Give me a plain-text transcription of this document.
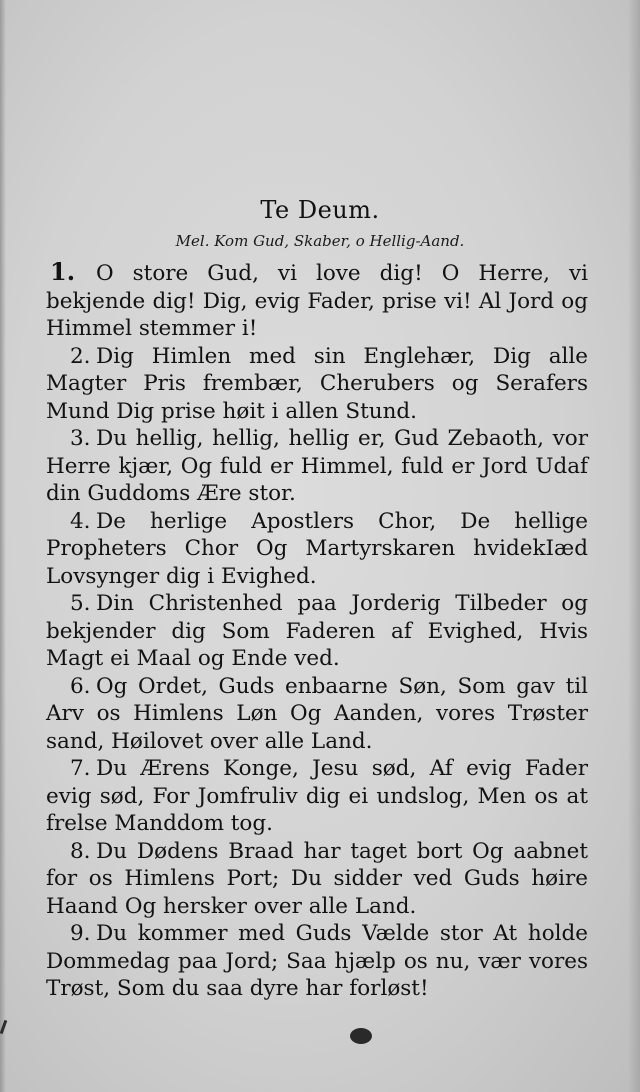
Te Deum.
Mel. Kom Gud, Skaber, o Hellig-Aand.

1. O store Gud, vi love dig! O Herre, vi bekjende dig! Dig, evig Fader, prise vi! Al Jord og Himmel stemmer i!

2. Dig Himlen med sin Englehær, Dig alle Magter Pris frembær, Cherubers og Serafers Mund Dig prise høit i allen Stund.

3. Du hellig, hellig, hellig er, Gud Zebaoth, vor Herre kjær, Og fuld er Himmel, fuld er Jord Udaf din Guddoms Ære stor.

4. De herlige Apostlers Chor, De hellige Propheters Chor Og Martyrskaren hvidekIæd Lovsynger dig i Evighed.

5. Din Christenhed paa Jorderig Tilbeder og bekjender dig Som Faderen af Evighed, Hvis Magt ei Maal og Ende ved.

6. Og Ordet, Guds enbaarne Søn, Som gav til Arv os Himlens Løn Og Aanden, vores Trøster sand, Høilovet over alle Land.

7. Du Ærens Konge, Jesu sød, Af evig Fader evig sød, For Jomfruliv dig ei undslog, Men os at frelse Manddom tog.

8. Du Dødens Braad har taget bort Og aabnet for os Himlens Port; Du sidder ved Guds høire Haand Og hersker over alle Land.

9. Du kommer med Guds Vælde stor At holde Dommedag paa Jord; Saa hjælp os nu, vær vores Trøst, Som du saa dyre har forløst!
